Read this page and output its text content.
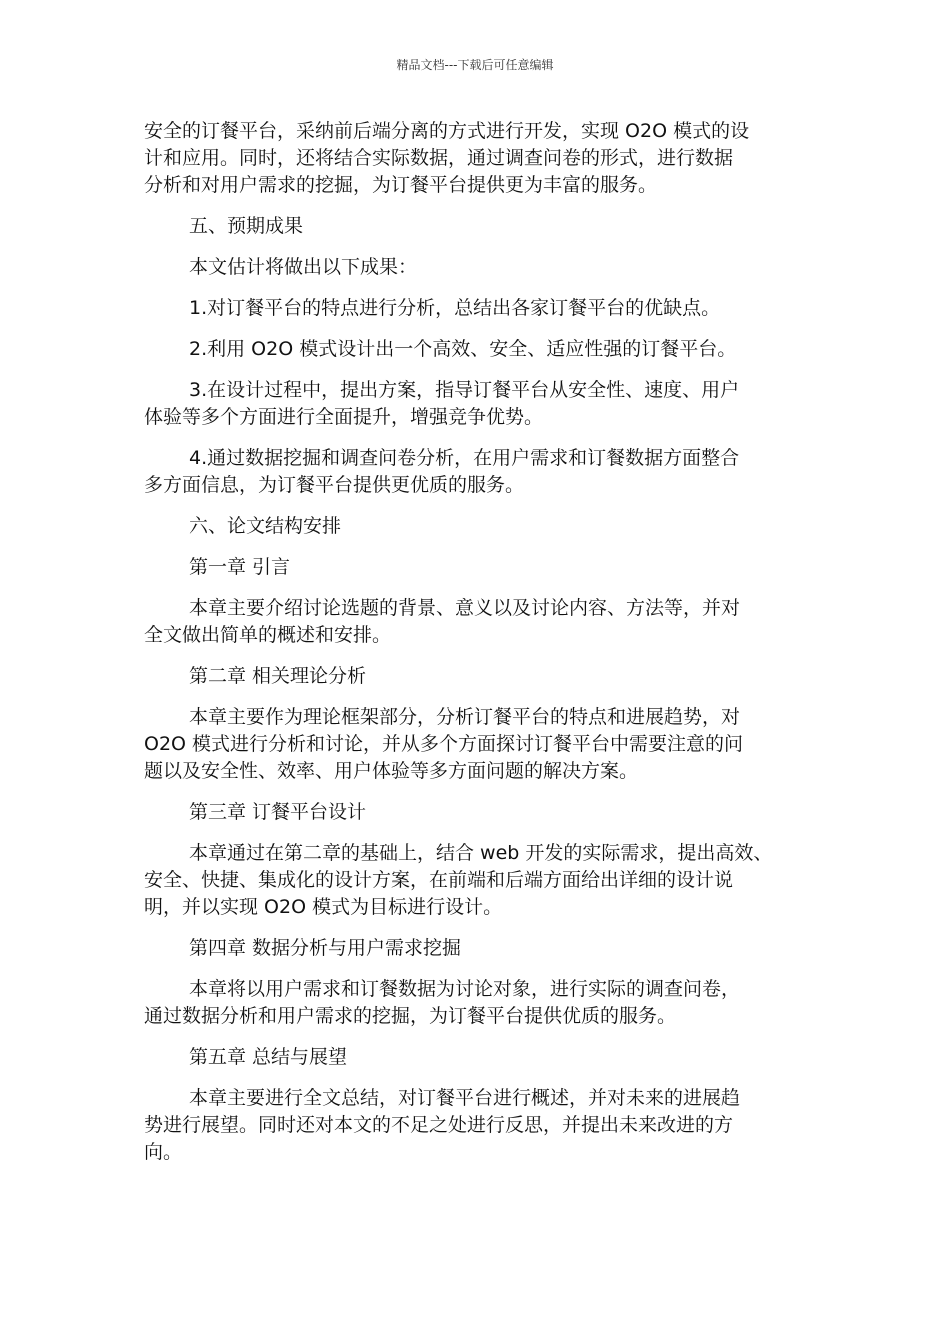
精品文档---下载后可任意编辑
安全的订餐平台，采纳前后端分离的方式进行开发，实现 O2O 模式的设
计和应用。同时，还将结合实际数据，通过调查问卷的形式，进行数据
分析和对用户需求的挖掘，为订餐平台提供更为丰富的服务。
五、预期成果
本文估计将做出以下成果：
1.对订餐平台的特点进行分析，总结出各家订餐平台的优缺点。
2.利用 O2O 模式设计出一个高效、安全、适应性强的订餐平台。
3.在设计过程中，提出方案，指导订餐平台从安全性、速度、用户
体验等多个方面进行全面提升，增强竞争优势。
4.通过数据挖掘和调查问卷分析，在用户需求和订餐数据方面整合
多方面信息，为订餐平台提供更优质的服务。
六、论文结构安排
第一章 引言
本章主要介绍讨论选题的背景、意义以及讨论内容、方法等，并对
全文做出简单的概述和安排。
第二章 相关理论分析
本章主要作为理论框架部分，分析订餐平台的特点和进展趋势，对
O2O 模式进行分析和讨论，并从多个方面探讨订餐平台中需要注意的问
题以及安全性、效率、用户体验等多方面问题的解决方案。
第三章 订餐平台设计
本章通过在第二章的基础上，结合 web 开发的实际需求，提出高效、
安全、快捷、集成化的设计方案，在前端和后端方面给出详细的设计说
明，并以实现 O2O 模式为目标进行设计。
第四章 数据分析与用户需求挖掘
本章将以用户需求和订餐数据为讨论对象，进行实际的调查问卷，
通过数据分析和用户需求的挖掘，为订餐平台提供优质的服务。
第五章 总结与展望
本章主要进行全文总结，对订餐平台进行概述，并对未来的进展趋
势进行展望。同时还对本文的不足之处进行反思，并提出未来改进的方
向。
